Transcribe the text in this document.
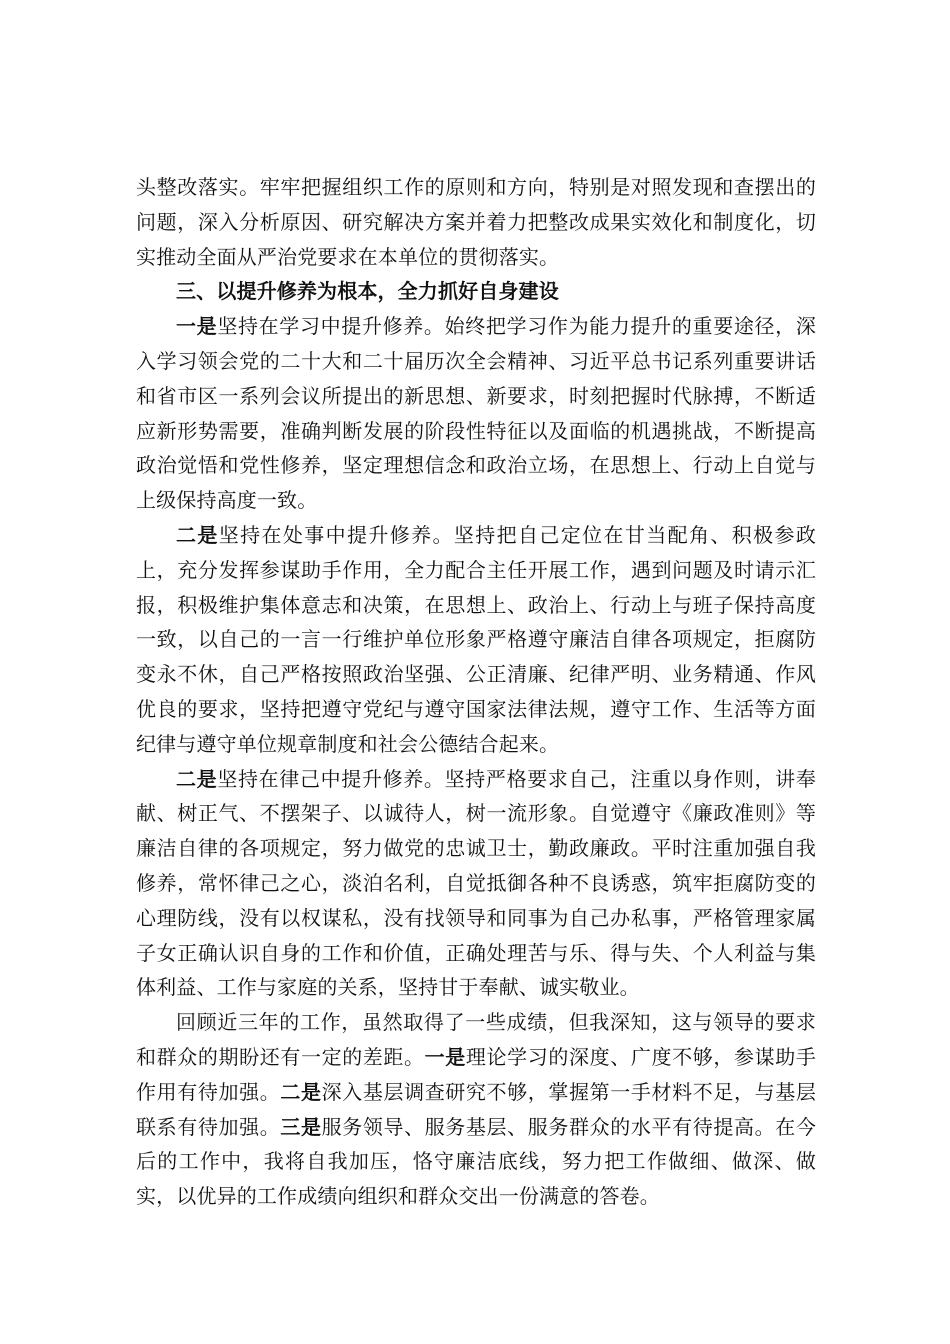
头整改落实。牢牢把握组织工作的原则和方向，特别是对照发现和查摆出的问题，深入分析原因、研究解决方案并着力把整改成果实效化和制度化，切实推动全面从严治党要求在本单位的贯彻落实。

三、以提升修养为根本，全力抓好自身建设

一是坚持在学习中提升修养。始终把学习作为能力提升的重要途径，深入学习领会党的二十大和二十届历次全会精神、习近平总书记系列重要讲话和省市区一系列会议所提出的新思想、新要求，时刻把握时代脉搏，不断适应新形势需要，准确判断发展的阶段性特征以及面临的机遇挑战，不断提高政治觉悟和党性修养，坚定理想信念和政治立场，在思想上、行动上自觉与上级保持高度一致。

二是坚持在处事中提升修养。坚持把自己定位在甘当配角、积极参政上，充分发挥参谋助手作用，全力配合主任开展工作，遇到问题及时请示汇报，积极维护集体意志和决策，在思想上、政治上、行动上与班子保持高度一致，以自己的一言一行维护单位形象严格遵守廉洁自律各项规定，拒腐防变永不休，自己严格按照政治坚强、公正清廉、纪律严明、业务精通、作风优良的要求，坚持把遵守党纪与遵守国家法律法规，遵守工作、生活等方面纪律与遵守单位规章制度和社会公德结合起来。

二是坚持在律己中提升修养。坚持严格要求自己，注重以身作则，讲奉献、树正气、不摆架子、以诚待人，树一流形象。自觉遵守《廉政准则》等廉洁自律的各项规定，努力做党的忠诚卫士，勤政廉政。平时注重加强自我修养，常怀律己之心，淡泊名利，自觉抵御各种不良诱惑，筑牢拒腐防变的心理防线，没有以权谋私，没有找领导和同事为自己办私事，严格管理家属子女正确认识自身的工作和价值，正确处理苦与乐、得与失、个人利益与集体利益、工作与家庭的关系，坚持甘于奉献、诚实敬业。

回顾近三年的工作，虽然取得了一些成绩，但我深知，这与领导的要求和群众的期盼还有一定的差距。一是理论学习的深度、广度不够，参谋助手作用有待加强。二是深入基层调查研究不够，掌握第一手材料不足，与基层联系有待加强。三是服务领导、服务基层、服务群众的水平有待提高。在今后的工作中，我将自我加压，恪守廉洁底线，努力把工作做细、做深、做实，以优异的工作成绩向组织和群众交出一份满意的答卷。
